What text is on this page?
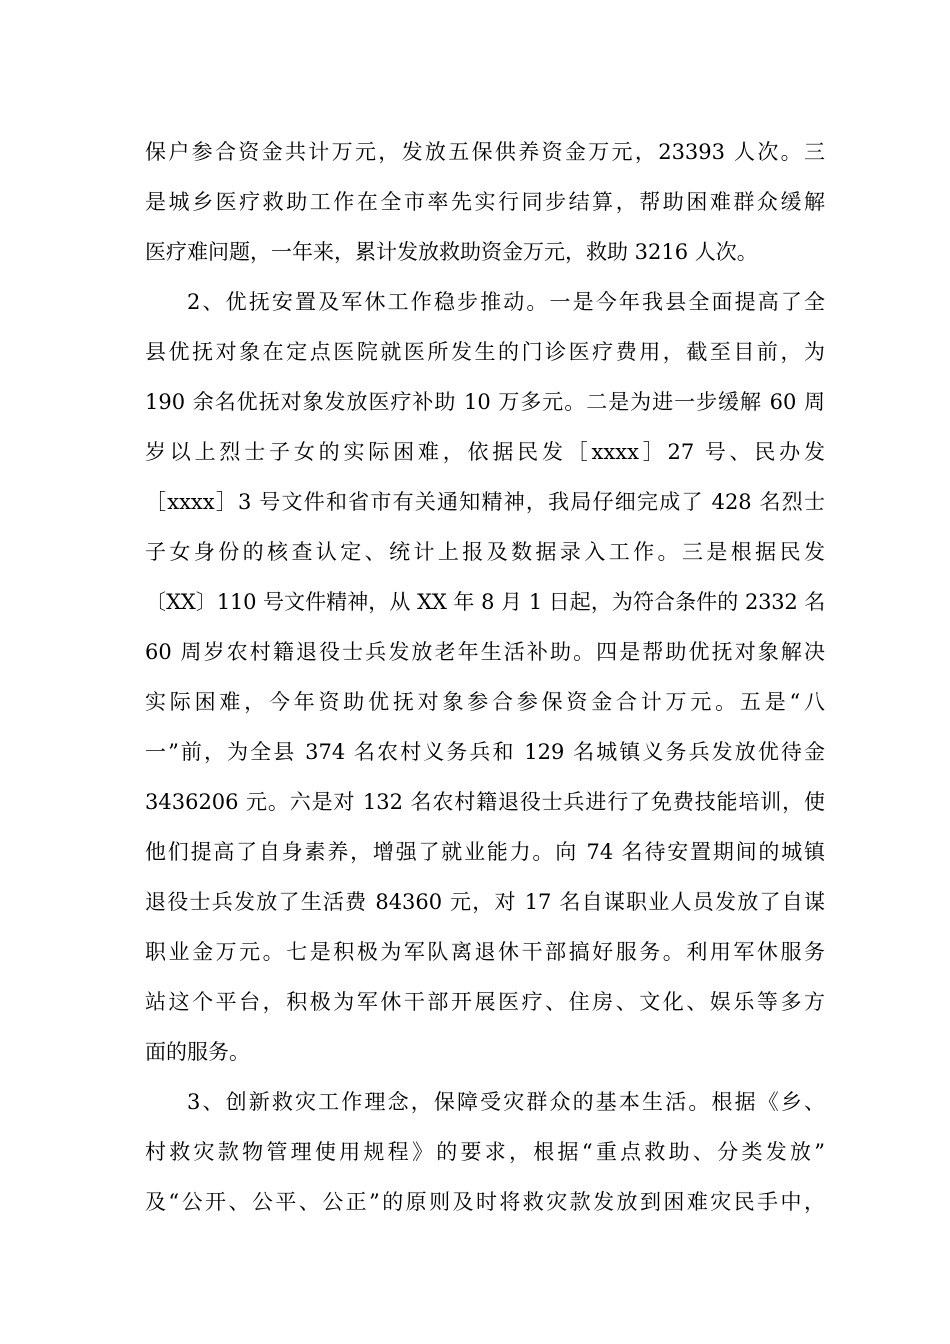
保户参合资金共计万元，发放五保供养资金万元，23393 人次。三
是城乡医疗救助工作在全市率先实行同步结算，帮助困难群众缓解
医疗难问题，一年来，累计发放救助资金万元，救助 3216 人次。
2、优抚安置及军休工作稳步推动。一是今年我县全面提高了全
县优抚对象在定点医院就医所发生的门诊医疗费用，截至目前，为
190 余名优抚对象发放医疗补助 10 万多元。二是为进一步缓解 60 周
岁以上烈士子女的实际困难，依据民发［xxxx］27 号、民办发
［xxxx］3 号文件和省市有关通知精神，我局仔细完成了 428 名烈士
子女身份的核查认定、统计上报及数据录入工作。三是根据民发
〔XX〕110 号文件精神，从 XX 年 8 月 1 日起，为符合条件的 2332 名
60 周岁农村籍退役士兵发放老年生活补助。四是帮助优抚对象解决
实际困难，今年资助优抚对象参合参保资金合计万元。五是“八
一”前，为全县 374 名农村义务兵和 129 名城镇义务兵发放优待金
3436206 元。六是对 132 名农村籍退役士兵进行了免费技能培训，使
他们提高了自身素养，增强了就业能力。向 74 名待安置期间的城镇
退役士兵发放了生活费 84360 元，对 17 名自谋职业人员发放了自谋
职业金万元。七是积极为军队离退休干部搞好服务。利用军休服务
站这个平台，积极为军休干部开展医疗、住房、文化、娱乐等多方
面的服务。
3、创新救灾工作理念，保障受灾群众的基本生活。根据《乡、
村救灾款物管理使用规程》的要求，根据“重点救助、分类发放”
及“公开、公平、公正”的原则及时将救灾款发放到困难灾民手中，
